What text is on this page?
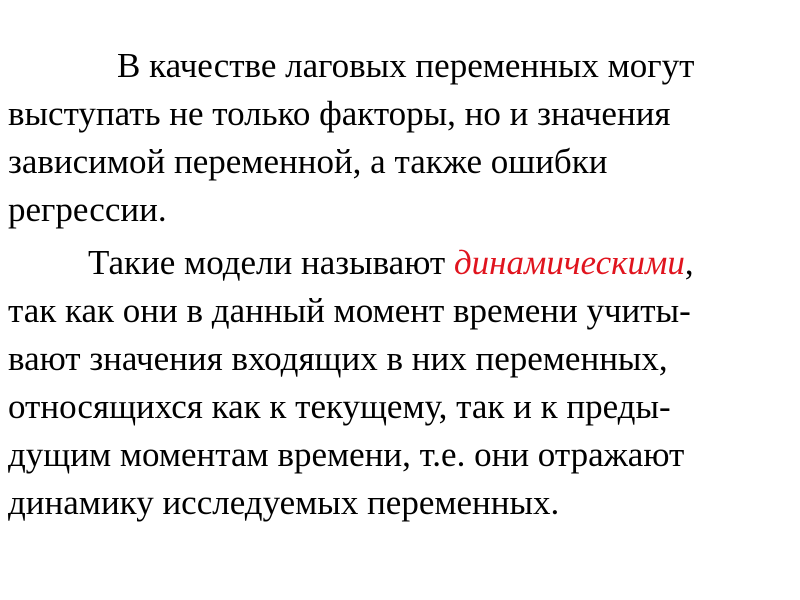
В качестве лаговых переменных могут
выступать не только факторы, но и значения
зависимой переменной, а также ошибки
регрессии.

Такие модели называют динамическими,
так как они в данный момент времени учиты-
вают значения входящих в них переменных,
относящихся как к текущему, так и к преды-
дущим моментам времени, т.е. они отражают
динамику исследуемых переменных.
